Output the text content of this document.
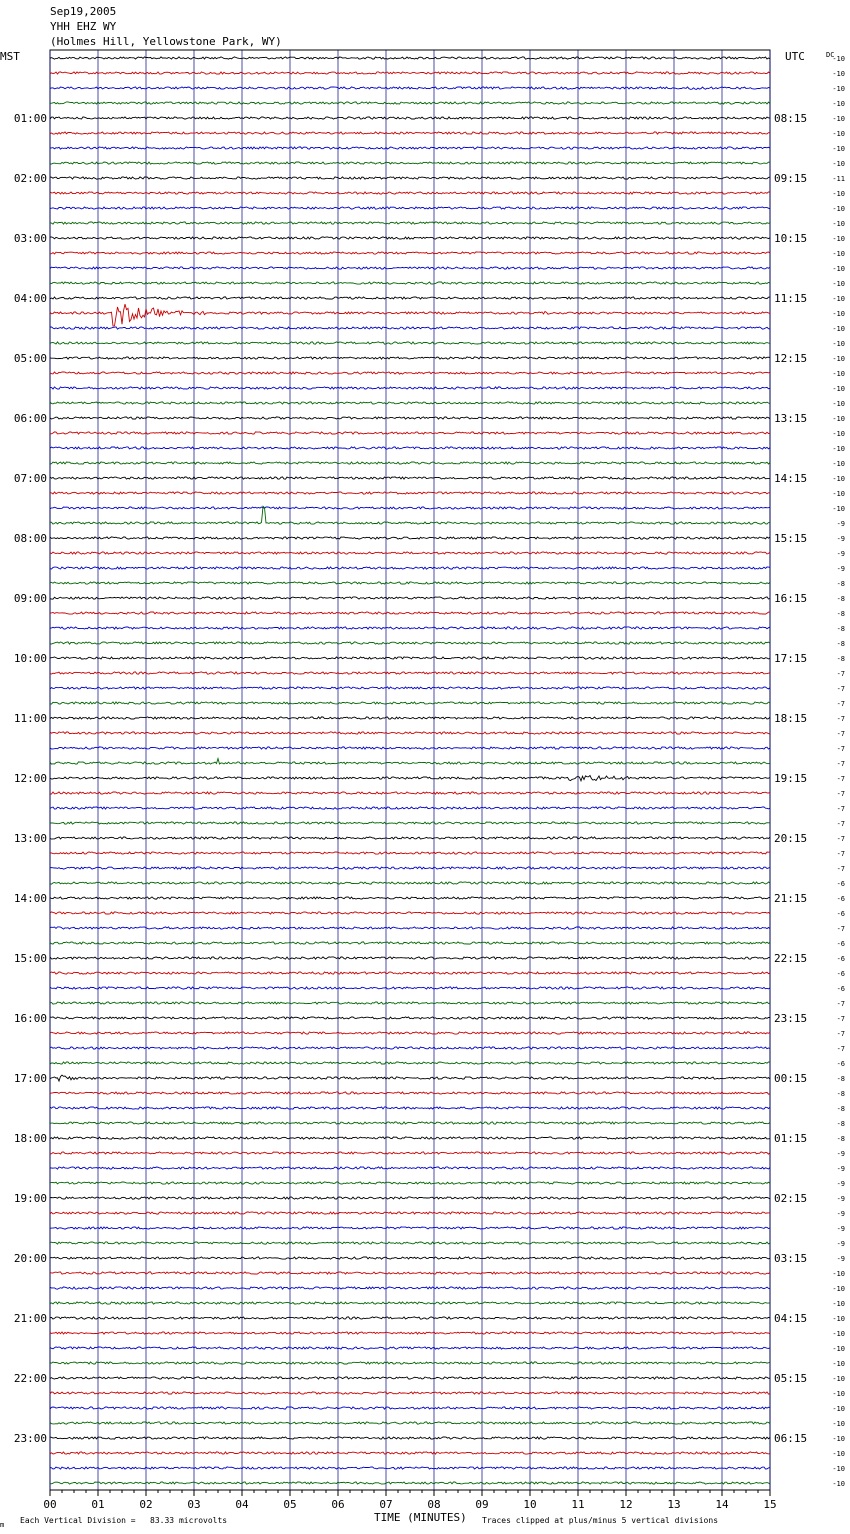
Sep19,2005
YHH EHZ WY
(Holmes Hill, Yellowstone Park, WY)
MST	UTC	DC
00	01	02	03	04	05	06	07	08	09	10	11	12	13	14	15
-10
-10
-10
-10
-10
01:00	08:15
-10
-10
-10
-11
02:00	09:15
-10
-10
-10
-10
03:00	10:15
-10
-10
-10
-10
04:00	11:15
-10
-10
-10
-10
05:00	12:15
-10
-10
-10
-10
06:00	13:15
-10
-10
-10
-10
07:00	14:15
-10
-10
-9
-9
08:00	15:15
-9
-9
-8
-8
09:00	16:15
-8
-8
-8
-8
10:00	17:15
-7
-7
-7
-7
11:00	18:15
-7
-7
-7
-7
12:00	19:15
-7
-7
-7
-7
13:00	20:15
-7
-7
-6
-6
14:00	21:15
-6
-7
-6
-6
15:00	22:15
-6
-6
-7
-7
16:00	23:15
-7
-7
-6
-8
17:00	00:15
-8
-8
-8
-8
18:00	01:15
-9
-9
-9
-9
19:00	02:15
-9
-9
-9
-9
20:00	03:15
-10
-10
-10
-10
21:00	04:15
-10
-10
-10
-10
22:00	05:15
-10
-10
-10
-10
23:00	06:15
-10
-10
-10
m Each Vertical Division =   83.33 microvolts	TIME (MINUTES) Traces clipped at plus/minus 5 vertical divisions
